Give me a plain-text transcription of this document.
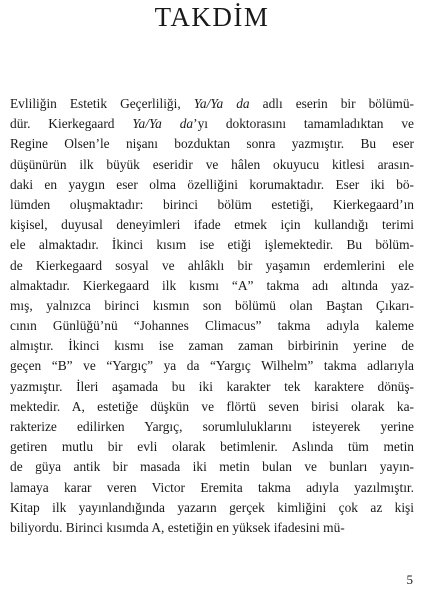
TAKDİM
Evliliğin Estetik Geçerliliği, Ya/Ya da adlı eserin bir bölümü-
dür. Kierkegaard Ya/Ya da’yı doktorasını tamamladıktan ve
Regine Olsen’le nişanı bozduktan sonra yazmıştır. Bu eser
düşünürün ilk büyük eseridir ve hâlen okuyucu kitlesi arasın-
daki en yaygın eser olma özelliğini korumaktadır. Eser iki bö-
lümden oluşmaktadır: birinci bölüm estetiği, Kierkegaard’ın
kişisel, duyusal deneyimleri ifade etmek için kullandığı terimi
ele almaktadır. İkinci kısım ise etiği işlemektedir. Bu bölüm-
de Kierkegaard sosyal ve ahlâklı bir yaşamın erdemlerini ele
almaktadır. Kierkegaard ilk kısmı “A” takma adı altında yaz-
mış, yalnızca birinci kısmın son bölümü olan Baştan Çıkarı-
cının Günlüğü’nü “Johannes Climacus” takma adıyla kaleme
almıştır. İkinci kısmı ise zaman zaman birbirinin yerine de
geçen “B” ve “Yargıç” ya da “Yargıç Wilhelm” takma adlarıyla
yazmıştır. İleri aşamada bu iki karakter tek karaktere dönüş-
mektedir. A, estetiğe düşkün ve flörtü seven birisi olarak ka-
rakterize edilirken Yargıç, sorumluluklarını isteyerek yerine
getiren mutlu bir evli olarak betimlenir. Aslında tüm metin
de güya antik bir masada iki metin bulan ve bunları yayın-
lamaya karar veren Victor Eremita takma adıyla yazılmıştır.
Kitap ilk yayınlandığında yazarın gerçek kimliğini çok az kişi
biliyordu. Birinci kısımda A, estetiğin en yüksek ifadesini mü-
5
